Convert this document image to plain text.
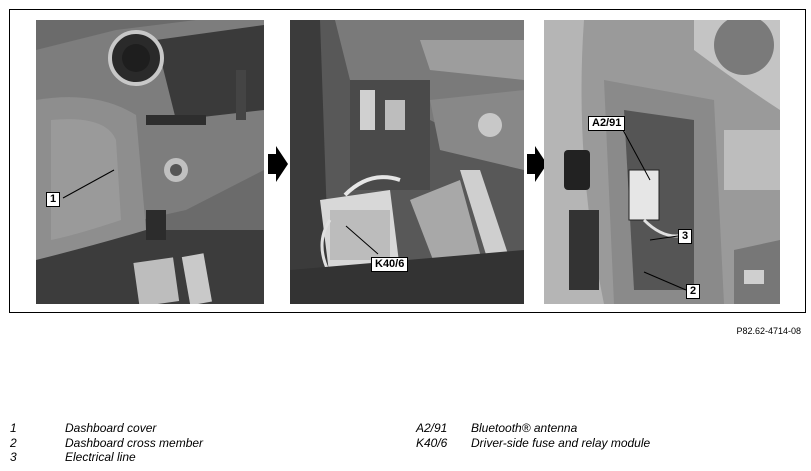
1
K40/6
A2/91
3
2
P82.62-4714-08
1	Dashboard cover
2	Dashboard cross member
3	Electrical line
A2/91	Bluetooth® antenna
K40/6	Driver-side fuse and relay module
